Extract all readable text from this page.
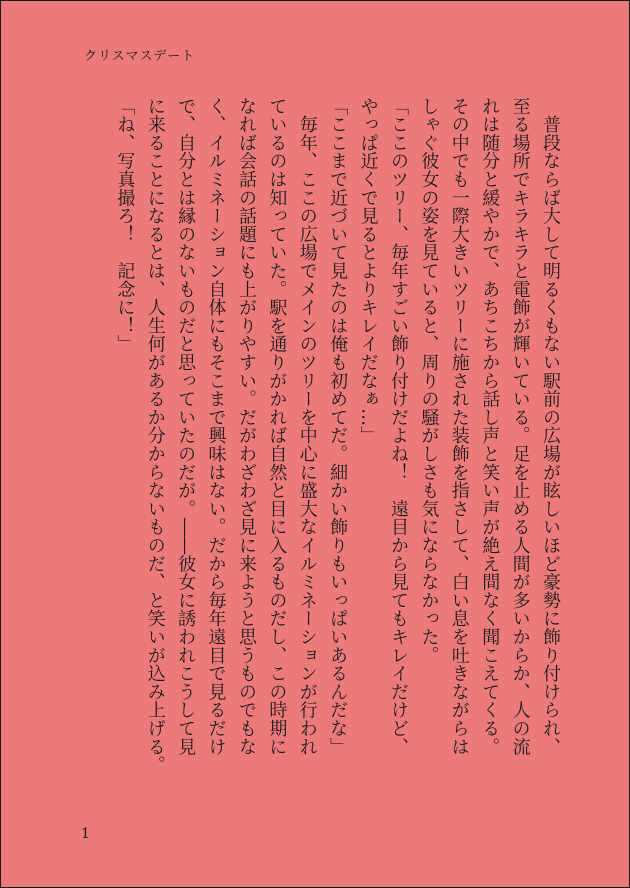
クリスマスデート
　普段ならば大して明るくもない駅前の広場が眩しいほど豪勢に飾り付けられ、
至る場所でキラキラと電飾が輝いている。足を止める人間が多いからか、人の流
れは随分と緩やかで、あちこちから話し声と笑い声が絶え間なく聞こえてくる。
その中でも一際大きいツリーに施された装飾を指さして、白い息を吐きながらは
しゃぐ彼女の姿を見ていると、周りの騒がしさも気にならなかった。
「ここのツリー、毎年すごい飾り付けだよね！　遠目から見てもキレイだけど、
やっぱ近くで見るとよりキレイだなぁ…」
「ここまで近づいて見たのは俺も初めてだ。細かい飾りもいっぱいあるんだな」
　毎年、ここの広場でメインのツリーを中心に盛大なイルミネーションが行われ
ているのは知っていた。駅を通りがかれば自然と目に入るものだし、この時期に
なれば会話の話題にも上がりやすい。だがわざわざ見に来ようと思うものでもな
く、イルミネーション自体にもそこまで興味はない。だから毎年遠目で見るだけ
で、自分とは縁のないものだと思っていたのだが。――彼女に誘われこうして見
に来ることになるとは、人生何があるか分からないものだ、と笑いが込み上げる。
「ね、写真撮ろ！　記念に！」
1
